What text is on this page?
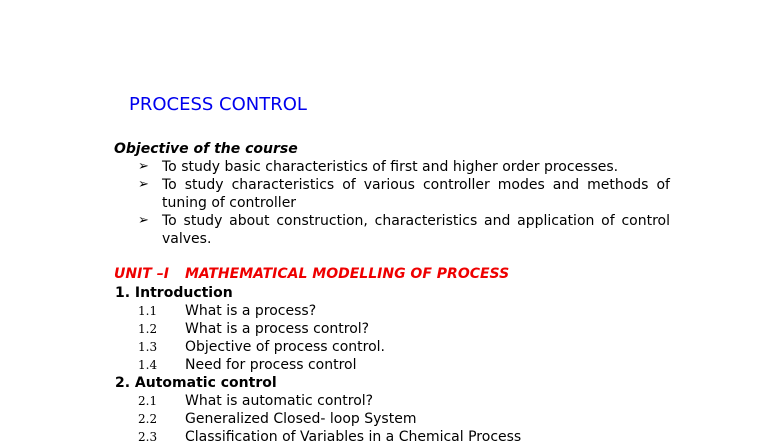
PROCESS CONTROL
Objective of the course
➢ To study basic characteristics of first and higher order processes.
➢ To study characteristics of various controller modes and methods of tuning of controller
➢ To study about construction, characteristics and application of control valves.
UNIT –I MATHEMATICAL MODELLING OF PROCESS
1. Introduction
1.1 What is a process?
1.2 What is a process control?
1.3 Objective of process control.
1.4 Need for process control
2. Automatic control
2.1 What is automatic control?
2.2 Generalized Closed- loop System
2.3 Classification of Variables in a Chemical Process
